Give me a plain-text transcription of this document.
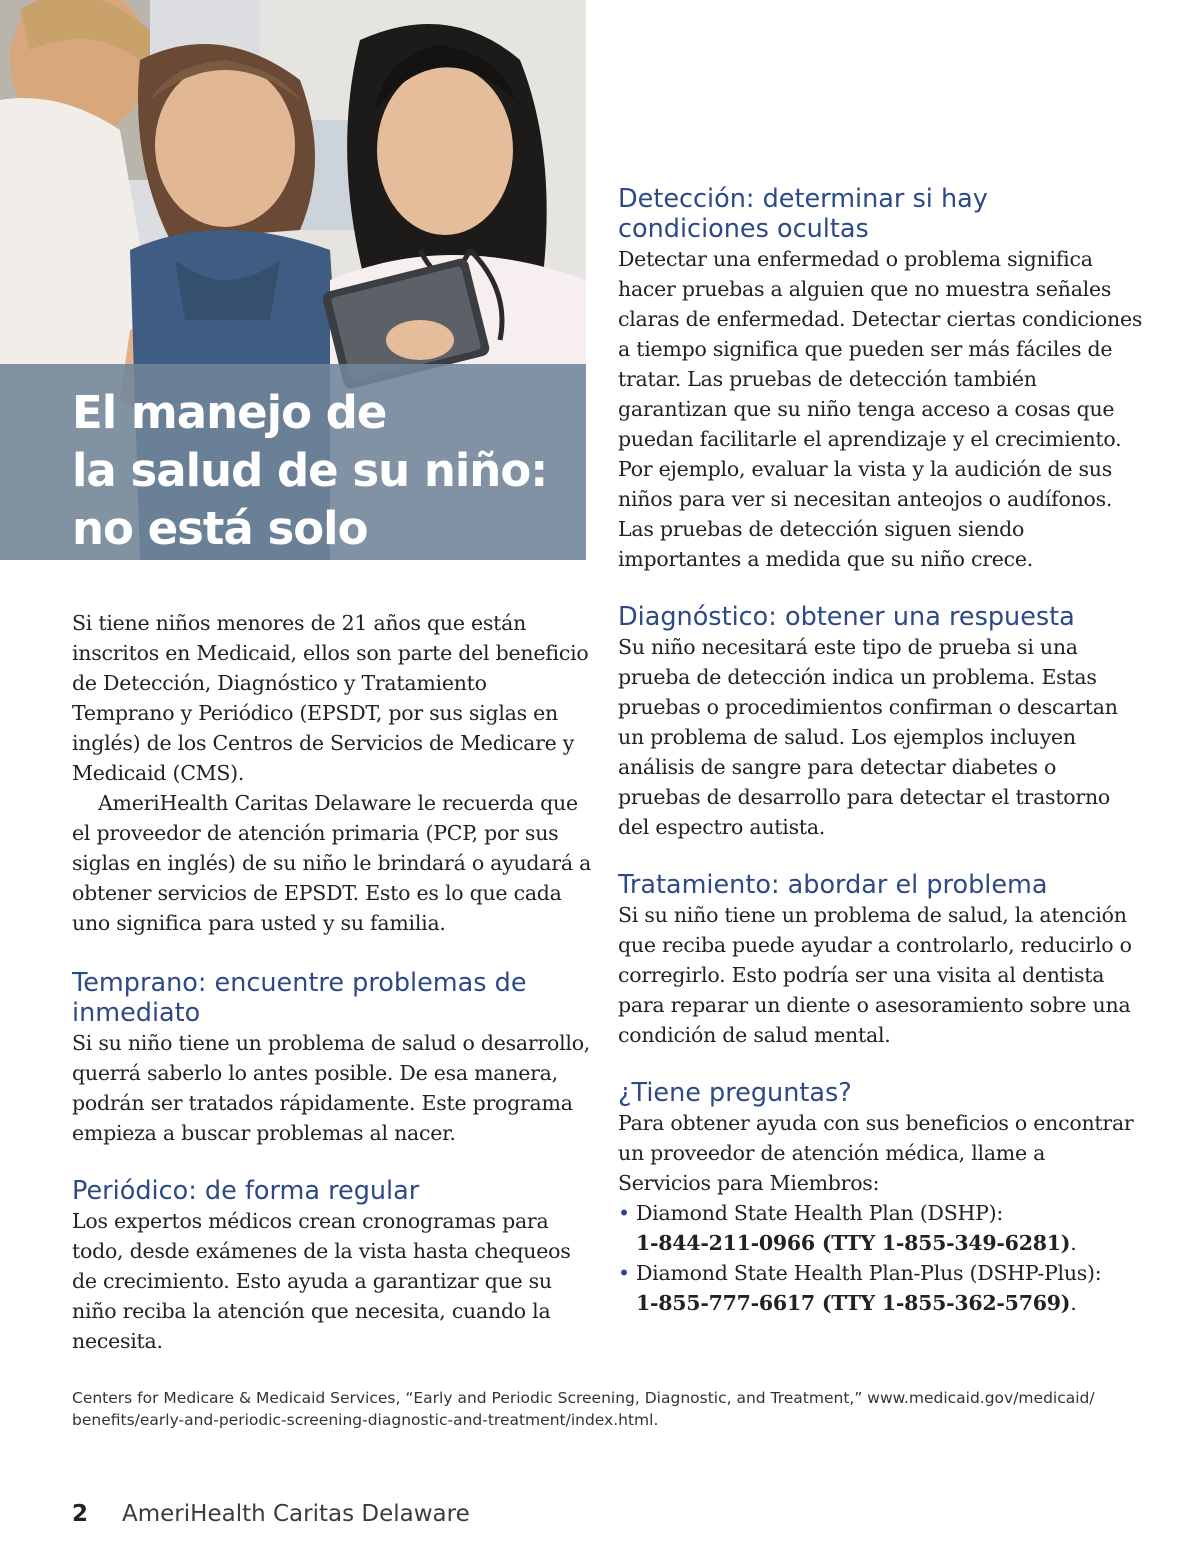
El manejo de
la salud de su niño:
no está solo

Si tiene niños menores de 21 años que están inscritos en Medicaid, ellos son parte del beneficio de Detección, Diagnóstico y Tratamiento Temprano y Periódico (EPSDT, por sus siglas en inglés) de los Centros de Servicios de Medicare y Medicaid (CMS).

AmeriHealth Caritas Delaware le recuerda que el proveedor de atención primaria (PCP, por sus siglas en inglés) de su niño le brindará o ayudará a obtener servicios de EPSDT. Esto es lo que cada uno significa para usted y su familia.

Temprano: encuentre problemas de inmediato

Si su niño tiene un problema de salud o desarrollo, querrá saberlo lo antes posible. De esa manera, podrán ser tratados rápidamente. Este programa empieza a buscar problemas al nacer.

Periódico: de forma regular

Los expertos médicos crean cronogramas para todo, desde exámenes de la vista hasta chequeos de crecimiento. Esto ayuda a garantizar que su niño reciba la atención que necesita, cuando la necesita.

Detección: determinar si hay condiciones ocultas

Detectar una enfermedad o problema significa hacer pruebas a alguien que no muestra señales claras de enfermedad. Detectar ciertas condiciones a tiempo significa que pueden ser más fáciles de tratar. Las pruebas de detección también garantizan que su niño tenga acceso a cosas que puedan facilitarle el aprendizaje y el crecimiento. Por ejemplo, evaluar la vista y la audición de sus niños para ver si necesitan anteojos o audífonos. Las pruebas de detección siguen siendo importantes a medida que su niño crece.

Diagnóstico: obtener una respuesta

Su niño necesitará este tipo de prueba si una prueba de detección indica un problema. Estas pruebas o procedimientos confirman o descartan un problema de salud. Los ejemplos incluyen análisis de sangre para detectar diabetes o pruebas de desarrollo para detectar el trastorno del espectro autista.

Tratamiento: abordar el problema

Si su niño tiene un problema de salud, la atención que reciba puede ayudar a controlarlo, reducirlo o corregirlo. Esto podría ser una visita al dentista para reparar un diente o asesoramiento sobre una condición de salud mental.

¿Tiene preguntas?

Para obtener ayuda con sus beneficios o encontrar un proveedor de atención médica, llame a Servicios para Miembros:

• Diamond State Health Plan (DSHP):
1-844-211-0966 (TTY 1-855-349-6281).
• Diamond State Health Plan-Plus (DSHP-Plus):
1-855-777-6617 (TTY 1-855-362-5769).

Centers for Medicare & Medicaid Services, “Early and Periodic Screening, Diagnostic, and Treatment,” www.medicaid.gov/medicaid/ benefits/early-and-periodic-screening-diagnostic-and-treatment/index.html.

2 AmeriHealth Caritas Delaware
